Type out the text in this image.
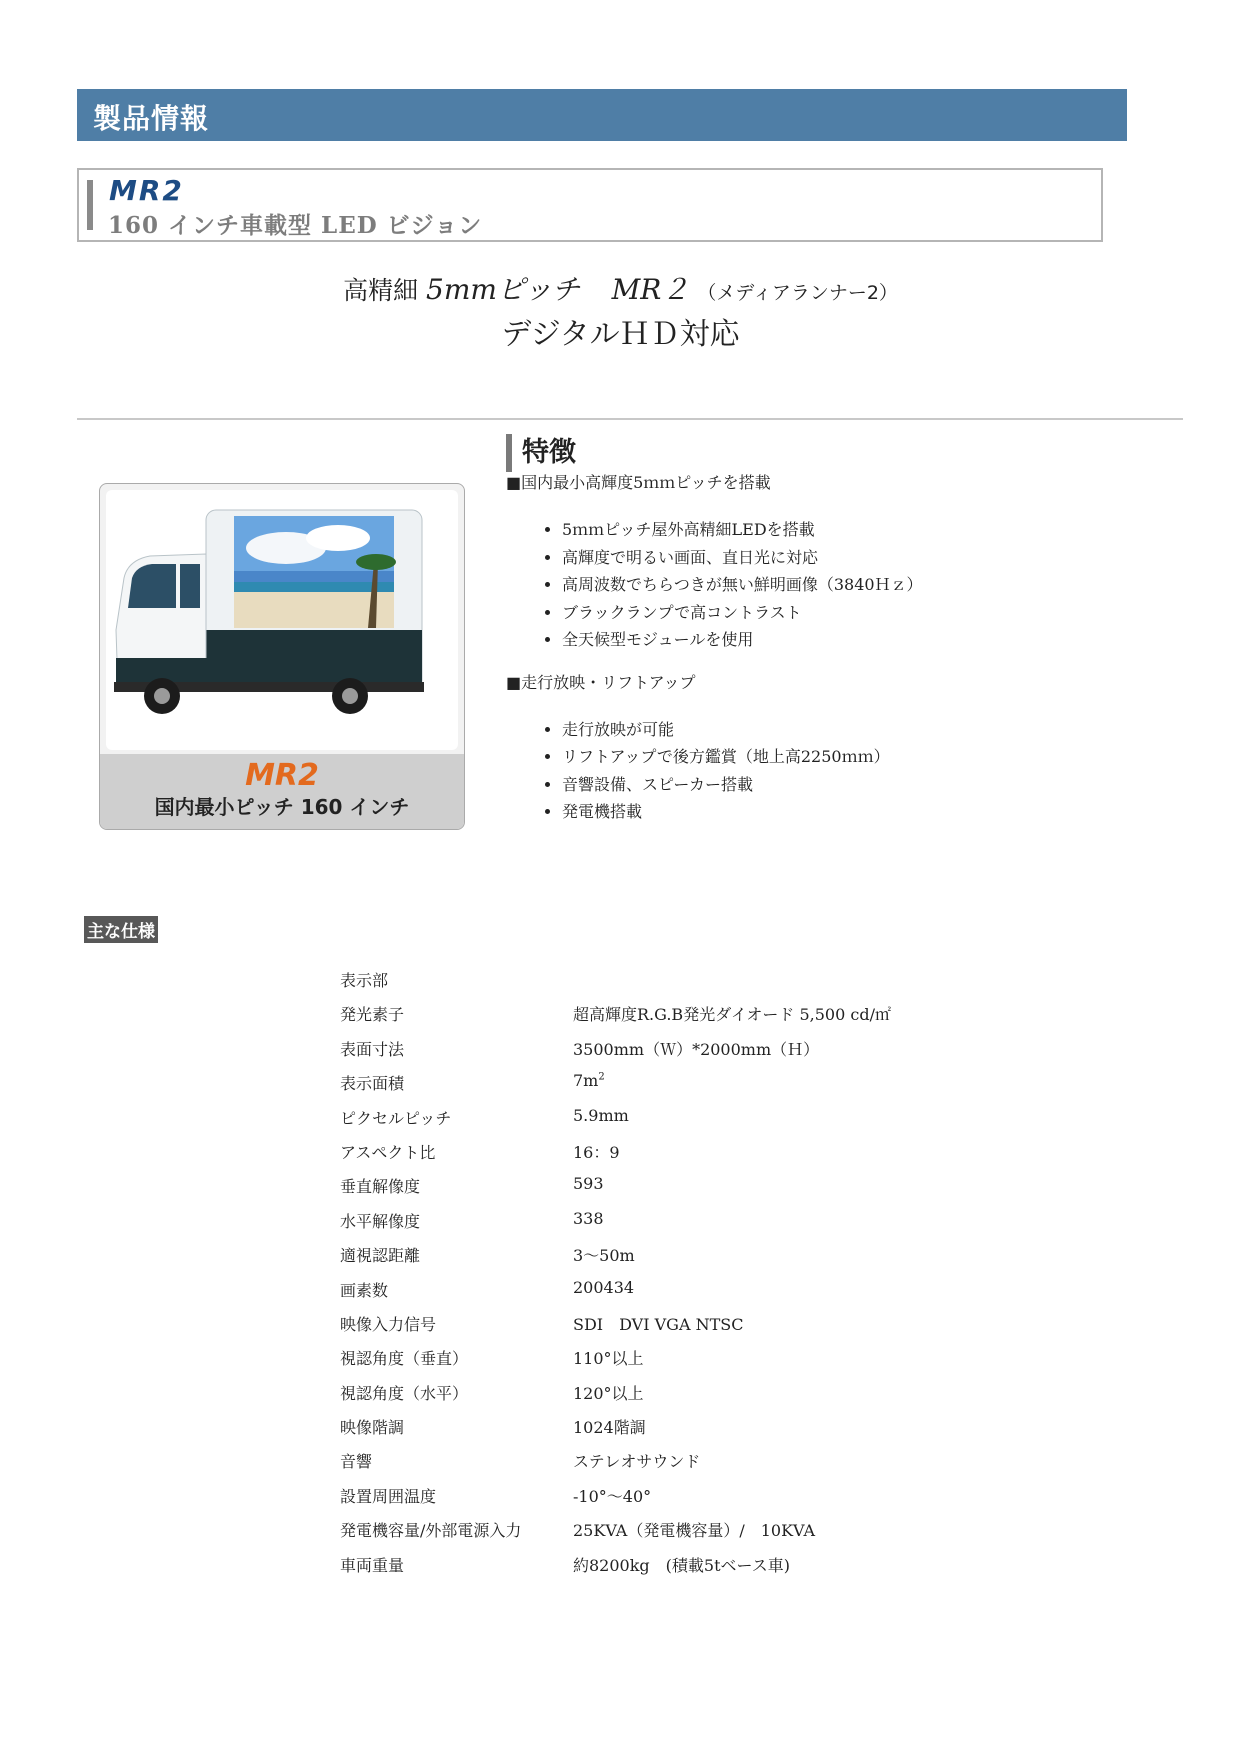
製品情報
MR2
160 インチ車載型 LED ビジョン
高精細 5mmピッチ MR２ （メディアランナー2）
デジタルＨＤ対応
MR2
国内最小ピッチ 160 インチ
特徴
■国内最小高輝度5ｍｍピッチを搭載
• 5ｍｍピッチ屋外高精細LEDを搭載
• 高輝度で明るい画面、直日光に対応
• 高周波数でちらつきが無い鮮明画像（3840Ｈｚ）
• ブラックランプで高コントラスト
• 全天候型モジュールを使用
■走行放映・リフトアップ
• 走行放映が可能
• リフトアップで後方鑑賞（地上高2250ｍｍ）
• 音響設備、スピーカー搭載
• 発電機搭載
主な仕様
表示部
発光素子	超高輝度R.G.B発光ダイオード 5,500 cd/㎡
表面寸法	3500mm（Ｗ）*2000mm（Ｈ）
表示面積	$7m^2$
ピクセルピッチ	5.9mm
アスペクト比	16：9
垂直解像度	593
水平解像度	338
適視認距離	3～50m
画素数	200434
映像入力信号	SDI　DVI VGA NTSC
視認角度（垂直）	110°以上
視認角度（水平）	120°以上
映像階調	1024階調
音響	ステレオサウンド
設置周囲温度	-10°～40°
発電機容量/外部電源入力	25KVA（発電機容量）/　10KVA
車両重量	約8200kg　(積載5tベース車)
